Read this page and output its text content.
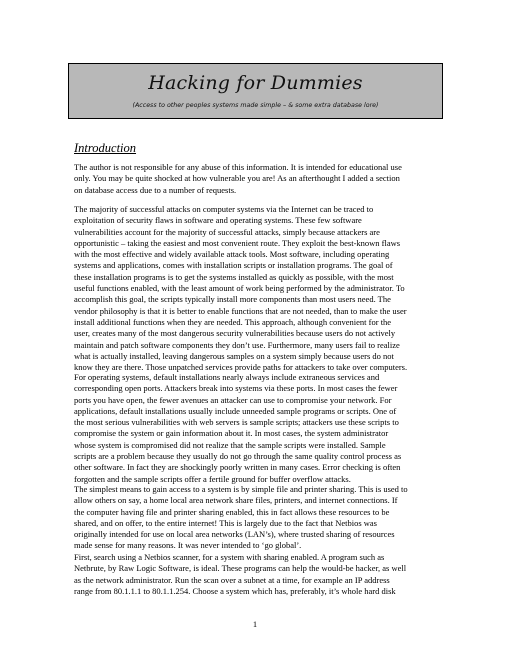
Hacking for Dummies
(Access to other peoples systems made simple – & some extra database lore)
Introduction
The author is not responsible for any abuse of this information. It is intended for educational use
only. You may be quite shocked at how vulnerable you are! As an afterthought I added a section
on database access due to a number of requests.
The majority of successful attacks on computer systems via the Internet can be traced to
exploitation of security flaws in software and operating systems. These few software
vulnerabilities account for the majority of successful attacks, simply because attackers are
opportunistic – taking the easiest and most convenient route. They exploit the best-known flaws
with the most effective and widely available attack tools. Most software, including operating
systems and applications, comes with installation scripts or installation programs. The goal of
these installation programs is to get the systems installed as quickly as possible, with the most
useful functions enabled, with the least amount of work being performed by the administrator. To
accomplish this goal, the scripts typically install more components than most users need. The
vendor philosophy is that it is better to enable functions that are not needed, than to make the user
install additional functions when they are needed. This approach, although convenient for the
user, creates many of the most dangerous security vulnerabilities because users do not actively
maintain and patch software components they don’t use. Furthermore, many users fail to realize
what is actually installed, leaving dangerous samples on a system simply because users do not
know they are there. Those unpatched services provide paths for attackers to take over computers.
For operating systems, default installations nearly always include extraneous services and
corresponding open ports. Attackers break into systems via these ports. In most cases the fewer
ports you have open, the fewer avenues an attacker can use to compromise your network. For
applications, default installations usually include unneeded sample programs or scripts. One of
the most serious vulnerabilities with web servers is sample scripts; attackers use these scripts to
compromise the system or gain information about it. In most cases, the system administrator
whose system is compromised did not realize that the sample scripts were installed. Sample
scripts are a problem because they usually do not go through the same quality control process as
other software. In fact they are shockingly poorly written in many cases. Error checking is often
forgotten and the sample scripts offer a fertile ground for buffer overflow attacks.
The simplest means to gain access to a system is by simple file and printer sharing. This is used to
allow others on say, a home local area network share files, printers, and internet connections. If
the computer having file and printer sharing enabled, this in fact allows these resources to be
shared, and on offer, to the entire internet! This is largely due to the fact that Netbios was
originally intended for use on local area networks (LAN’s), where trusted sharing of resources
made sense for many reasons. It was never intended to ‘go global’.
First, search using a Netbios scanner, for a system with sharing enabled. A program such as
Netbrute, by Raw Logic Software, is ideal. These programs can help the would-be hacker, as well
as the network administrator. Run the scan over a subnet at a time, for example an IP address
range from 80.1.1.1 to 80.1.1.254. Choose a system which has, preferably, it’s whole hard disk
1
